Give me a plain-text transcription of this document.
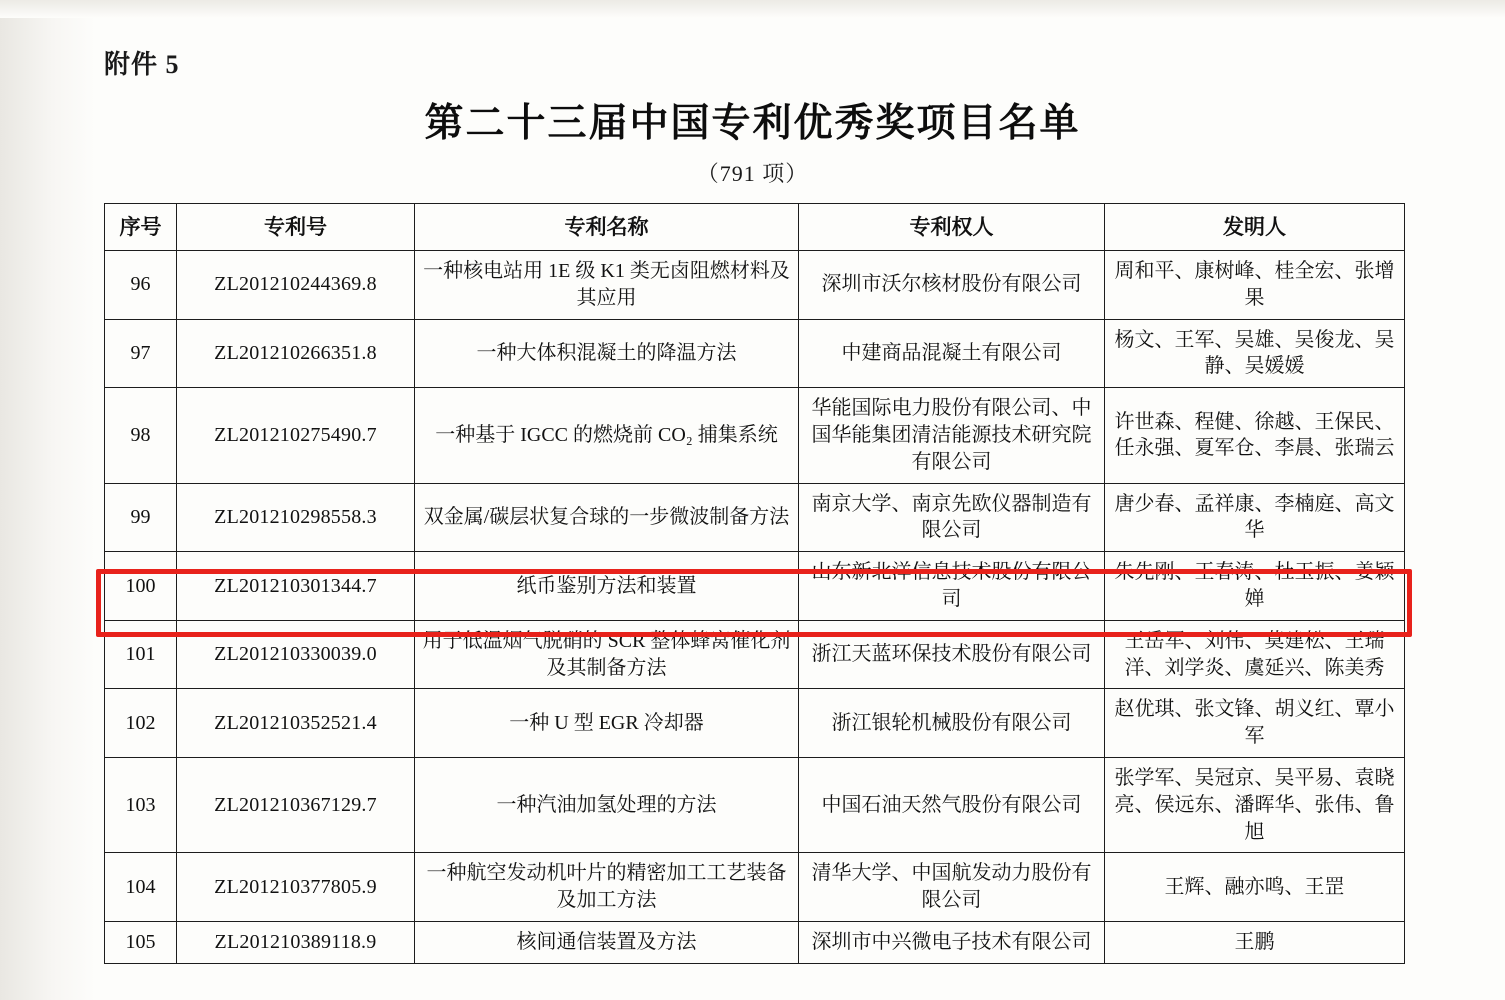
附件 5
第二十三届中国专利优秀奖项目名单
（791 项）
序号	专利号	专利名称	专利权人	发明人
96	ZL201210244369.8	一种核电站用 1E 级 K1 类无卤阻燃材料及其应用	深圳市沃尔核材股份有限公司	周和平、康树峰、桂全宏、张增果
97	ZL201210266351.8	一种大体积混凝土的降温方法	中建商品混凝土有限公司	杨文、王军、吴雄、吴俊龙、吴静、吴媛媛
98	ZL201210275490.7	一种基于 IGCC 的燃烧前 CO₂ 捕集系统	华能国际电力股份有限公司、中国华能集团清洁能源技术研究院有限公司	许世森、程健、徐越、王保民、任永强、夏军仓、李晨、张瑞云
99	ZL201210298558.3	双金属/碳层状复合球的一步微波制备方法	南京大学、南京先欧仪器制造有限公司	唐少春、孟祥康、李楠庭、高文华
100	ZL201210301344.7	纸币鉴别方法和装置	山东新北洋信息技术股份有限公司	朱先刚、王春涛、杜玉振、姜颖婵
101	ZL201210330039.0	用于低温烟气脱硝的 SCR 整体蜂窝催化剂及其制备方法	浙江天蓝环保技术股份有限公司	王岳军、刘伟、莫建松、王瑞洋、刘学炎、虞延兴、陈美秀
102	ZL201210352521.4	一种 U 型 EGR 冷却器	浙江银轮机械股份有限公司	赵优琪、张文锋、胡义红、覃小军
103	ZL201210367129.7	一种汽油加氢处理的方法	中国石油天然气股份有限公司	张学军、吴冠京、吴平易、袁晓亮、侯远东、潘晖华、张伟、鲁旭
104	ZL201210377805.9	一种航空发动机叶片的精密加工工艺装备及加工方法	清华大学、中国航发动力股份有限公司	王辉、融亦鸣、王罡
105	ZL201210389118.9	核间通信装置及方法	深圳市中兴微电子技术有限公司	王鹏
